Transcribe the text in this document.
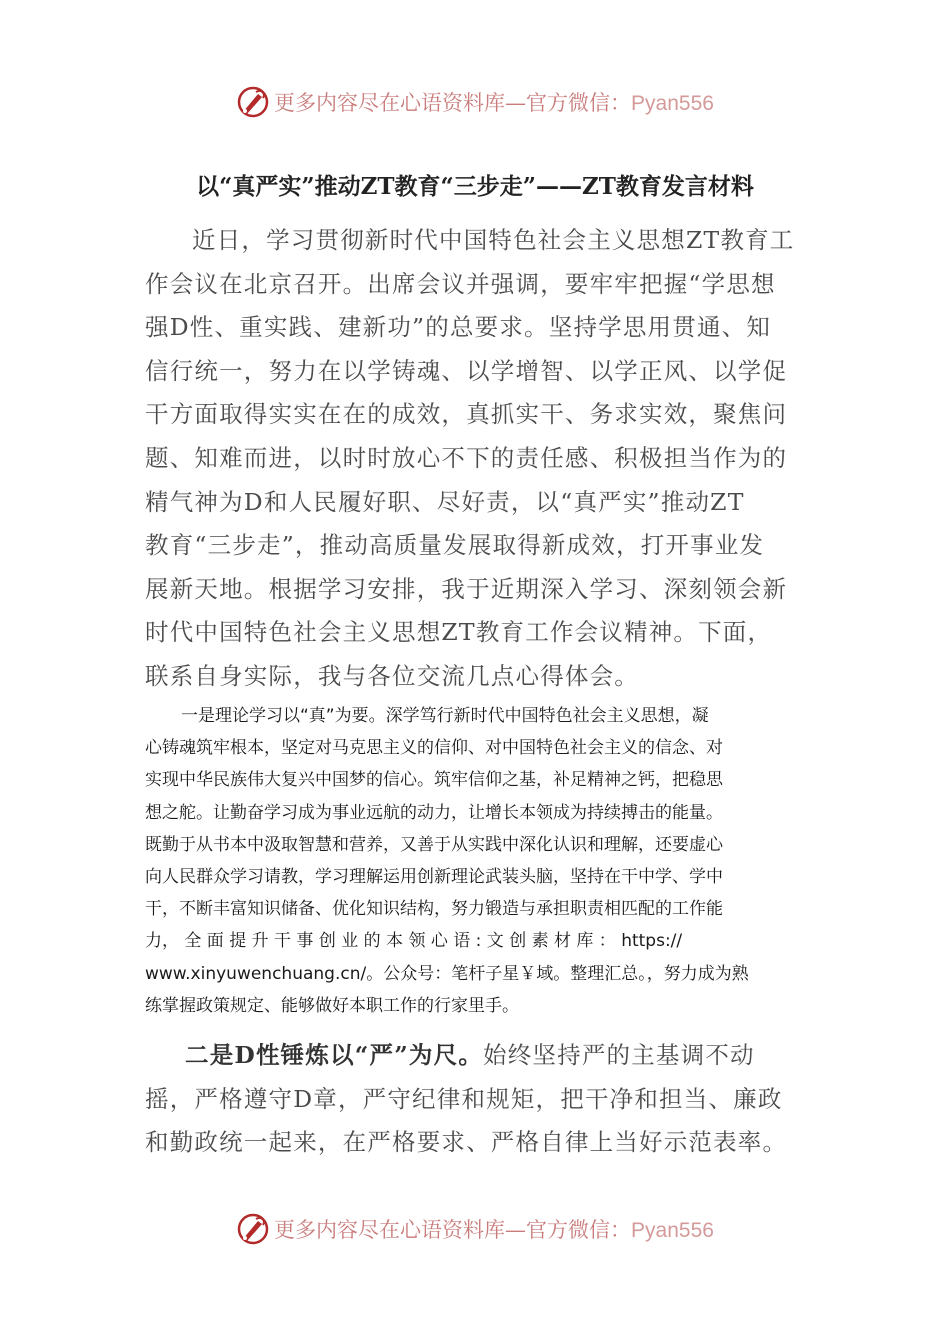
更多内容尽在心语资料库—官方微信：Pyan556
以“真严实”推动ZT教育“三步走”——ZT教育发言材料
近日，学习贯彻新时代中国特色社会主义思想ZT教育工
作会议在北京召开。出席会议并强调，要牢牢把握“学思想
强D性、重实践、建新功”的总要求。坚持学思用贯通、知
信行统一，努力在以学铸魂、以学增智、以学正风、以学促
干方面取得实实在在的成效，真抓实干、务求实效，聚焦问
题、知难而进，以时时放心不下的责任感、积极担当作为的
精气神为D和人民履好职、尽好责，以“真严实”推动ZT
教育“三步走”，推动高质量发展取得新成效，打开事业发
展新天地。根据学习安排，我于近期深入学习、深刻领会新
时代中国特色社会主义思想ZT教育工作会议精神。下面，
联系自身实际，我与各位交流几点心得体会。
一是理论学习以“真”为要。深学笃行新时代中国特色社会主义思想，凝
心铸魂筑牢根本，坚定对马克思主义的信仰、对中国特色社会主义的信念、对
实现中华民族伟大复兴中国梦的信心。筑牢信仰之基，补足精神之钙，把稳思
想之舵。让勤奋学习成为事业远航的动力，让增长本领成为持续搏击的能量。
既勤于从书本中汲取智慧和营养，又善于从实践中深化认识和理解，还要虚心
向人民群众学习请教，学习理解运用创新理论武装头脑，坚持在干中学、学中
干，不断丰富知识储备、优化知识结构，努力锻造与承担职责相匹配的工作能
力， 全 面 提 升 干 事 创 业 的 本 领 心 语 : 文 创 素 材 库 ： https://
www.xinyuwenchuang.cn/。公众号：笔杆子星￥域。整理汇总。，努力成为熟
练掌握政策规定、能够做好本职工作的行家里手。
二是D性锤炼以“严”为尺。始终坚持严的主基调不动
摇，严格遵守D章，严守纪律和规矩，把干净和担当、廉政
和勤政统一起来，在严格要求、严格自律上当好示范表率。
更多内容尽在心语资料库—官方微信：Pyan556
